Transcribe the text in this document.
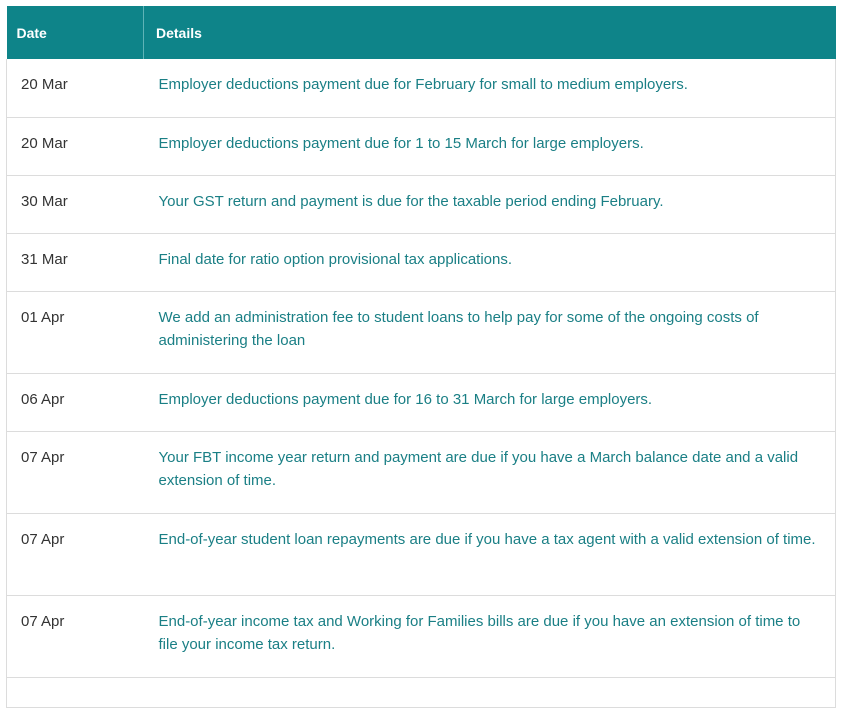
Date	Details
20 Mar	Employer deductions payment due for February for small to medium employers.
20 Mar	Employer deductions payment due for 1 to 15 March for large employers.
30 Mar	Your GST return and payment is due for the taxable period ending February.
31 Mar	Final date for ratio option provisional tax applications.
01 Apr	We add an administration fee to student loans to help pay for some of the ongoing costs of administering the loan
06 Apr	Employer deductions payment due for 16 to 31 March for large employers.
07 Apr	Your FBT income year return and payment are due if you have a March balance date and a valid extension of time.
07 Apr	End-of-year student loan repayments are due if you have a tax agent with a valid extension of time.
07 Apr	End-of-year income tax and Working for Families bills are due if you have an extension of time to file your income tax return.
